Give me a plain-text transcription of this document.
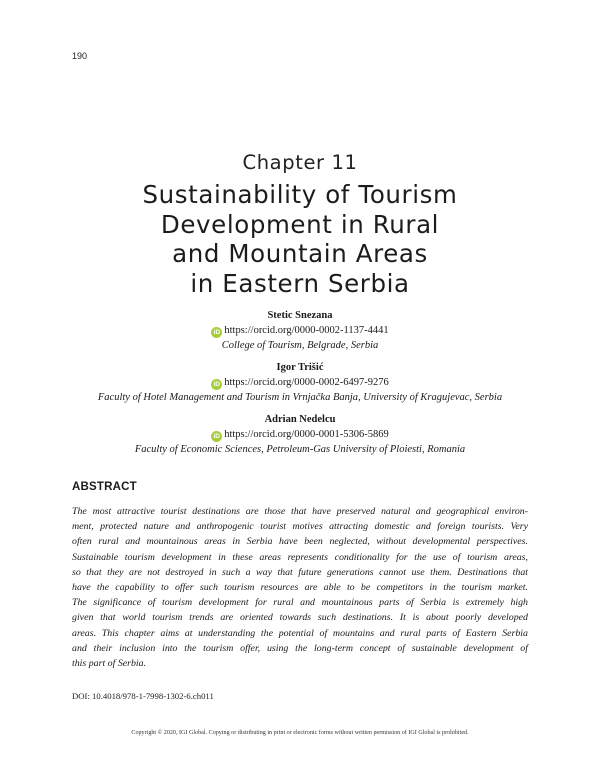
190
Chapter 11
Sustainability of Tourism
Development in Rural
and Mountain Areas
in Eastern Serbia
Stetic Snezana
iD https://orcid.org/0000-0002-1137-4441
College of Tourism, Belgrade, Serbia
Igor Trišić
iD https://orcid.org/0000-0002-6497-9276
Faculty of Hotel Management and Tourism in Vrnjačka Banja, University of Kragujevac, Serbia
Adrian Nedelcu
iD https://orcid.org/0000-0001-5306-5869
Faculty of Economic Sciences, Petroleum-Gas University of Ploiesti, Romania
ABSTRACT
The most attractive tourist destinations are those that have preserved natural and geographical environ-
ment, protected nature and anthropogenic tourist motives attracting domestic and foreign tourists. Very
often rural and mountainous areas in Serbia have been neglected, without developmental perspectives.
Sustainable tourism development in these areas represents conditionality for the use of tourism areas,
so that they are not destroyed in such a way that future generations cannot use them. Destinations that
have the capability to offer such tourism resources are able to be competitors in the tourism market.
The significance of tourism development for rural and mountainous parts of Serbia is extremely high
given that world tourism trends are oriented towards such destinations. It is about poorly developed
areas. This chapter aims at understanding the potential of mountains and rural parts of Eastern Serbia
and their inclusion into the tourism offer, using the long-term concept of sustainable development of
this part of Serbia.
DOI: 10.4018/978-1-7998-1302-6.ch011
Copyright © 2020, IGI Global. Copying or distributing in print or electronic forms without written permission of IGI Global is prohibited.
